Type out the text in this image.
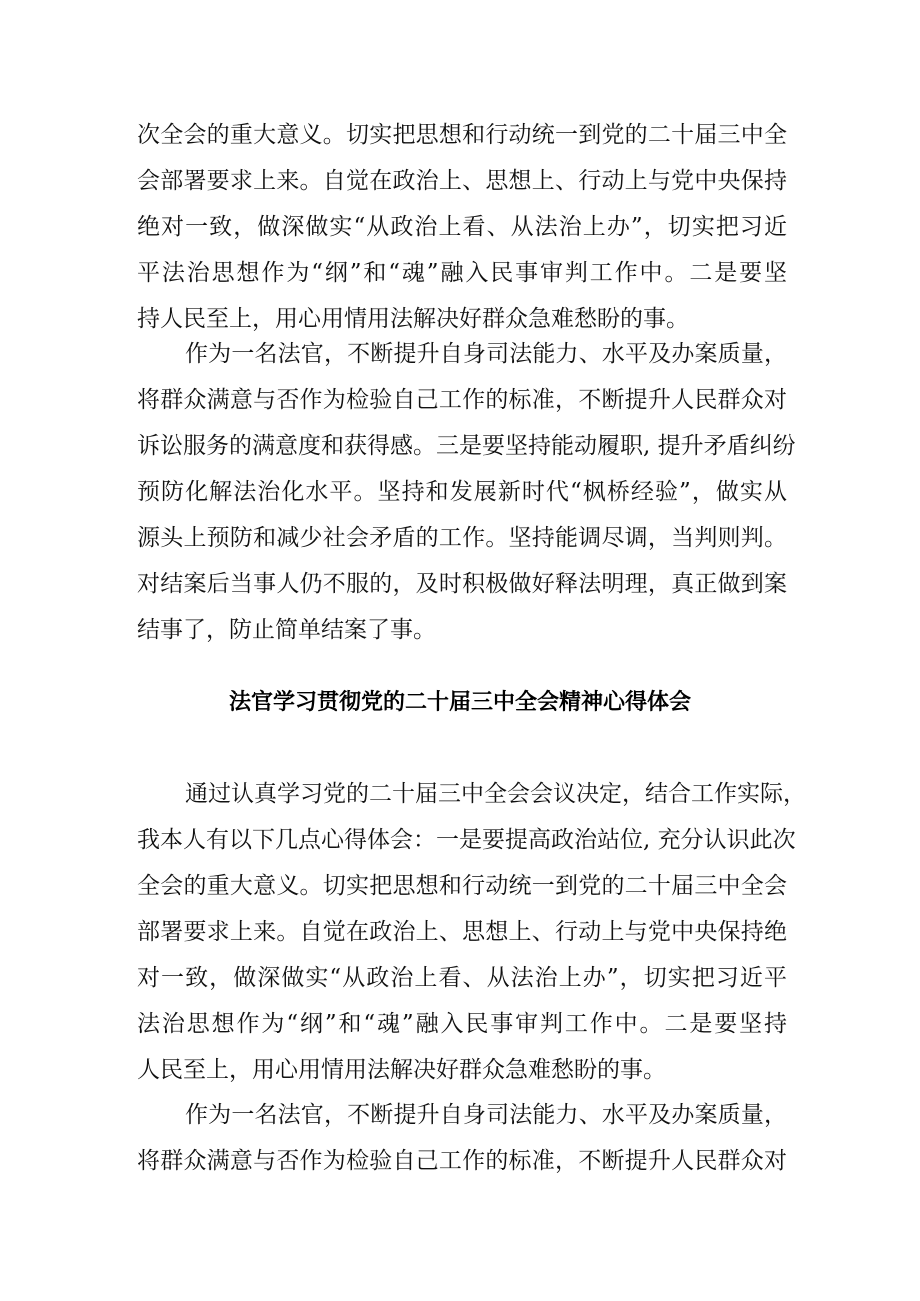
次全会的重大意义。切实把思想和行动统一到党的二十届三中全
会部署要求上来。自觉在政治上、思想上、行动上与党中央保持
绝对一致，做深做实“从政治上看、从法治上办”，切实把习近
平法治思想作为“纲”和“魂”融入民事审判工作中。二是要坚
持人民至上，用心用情用法解决好群众急难愁盼的事。
作为一名法官，不断提升自身司法能力、水平及办案质量，
将群众满意与否作为检验自己工作的标准，不断提升人民群众对
诉讼服务的满意度和获得感。三是要坚持能动履职, 提升矛盾纠纷
预防化解法治化水平。坚持和发展新时代“枫桥经验”，做实从
源头上预防和减少社会矛盾的工作。坚持能调尽调，当判则判。
对结案后当事人仍不服的，及时积极做好释法明理，真正做到案
结事了，防止简单结案了事。
法官学习贯彻党的二十届三中全会精神心得体会
通过认真学习党的二十届三中全会会议决定，结合工作实际，
我本人有以下几点心得体会：一是要提高政治站位, 充分认识此次
全会的重大意义。切实把思想和行动统一到党的二十届三中全会
部署要求上来。自觉在政治上、思想上、行动上与党中央保持绝
对一致，做深做实“从政治上看、从法治上办”，切实把习近平
法治思想作为“纲”和“魂”融入民事审判工作中。二是要坚持
人民至上，用心用情用法解决好群众急难愁盼的事。
作为一名法官，不断提升自身司法能力、水平及办案质量，
将群众满意与否作为检验自己工作的标准，不断提升人民群众对
